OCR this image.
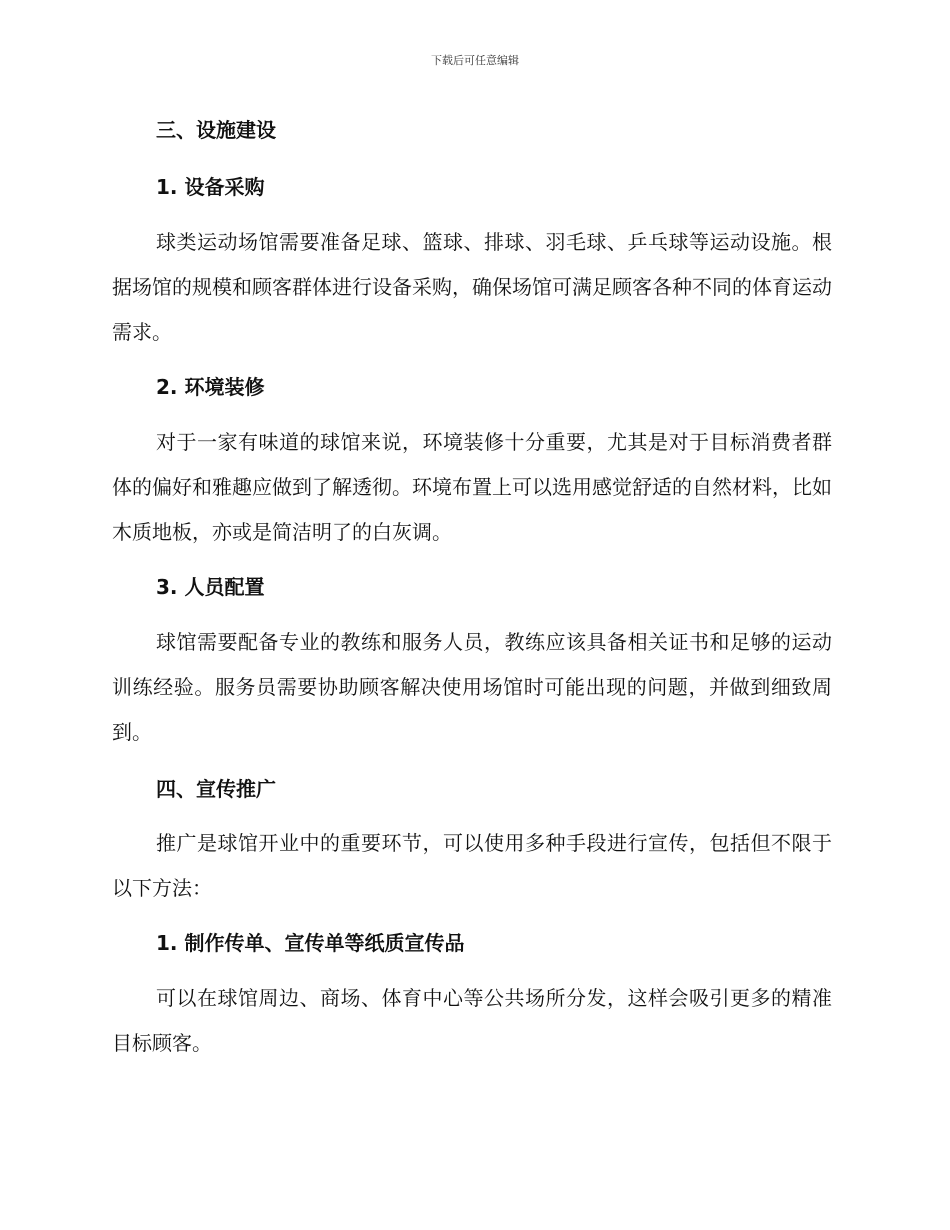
下载后可任意编辑
三、设施建设
1. 设备采购

球类运动场馆需要准备足球、篮球、排球、羽毛球、乒乓球等运动设施。根据场馆的规模和顾客群体进行设备采购，确保场馆可满足顾客各种不同的体育运动需求。

2. 环境装修

对于一家有味道的球馆来说，环境装修十分重要，尤其是对于目标消费者群体的偏好和雅趣应做到了解透彻。环境布置上可以选用感觉舒适的自然材料，比如木质地板，亦或是简洁明了的白灰调。

3. 人员配置

球馆需要配备专业的教练和服务人员，教练应该具备相关证书和足够的运动训练经验。服务员需要协助顾客解决使用场馆时可能出现的问题，并做到细致周到。

四、宣传推广

推广是球馆开业中的重要环节，可以使用多种手段进行宣传，包括但不限于以下方法：

1. 制作传单、宣传单等纸质宣传品

可以在球馆周边、商场、体育中心等公共场所分发，这样会吸引更多的精准目标顾客。
